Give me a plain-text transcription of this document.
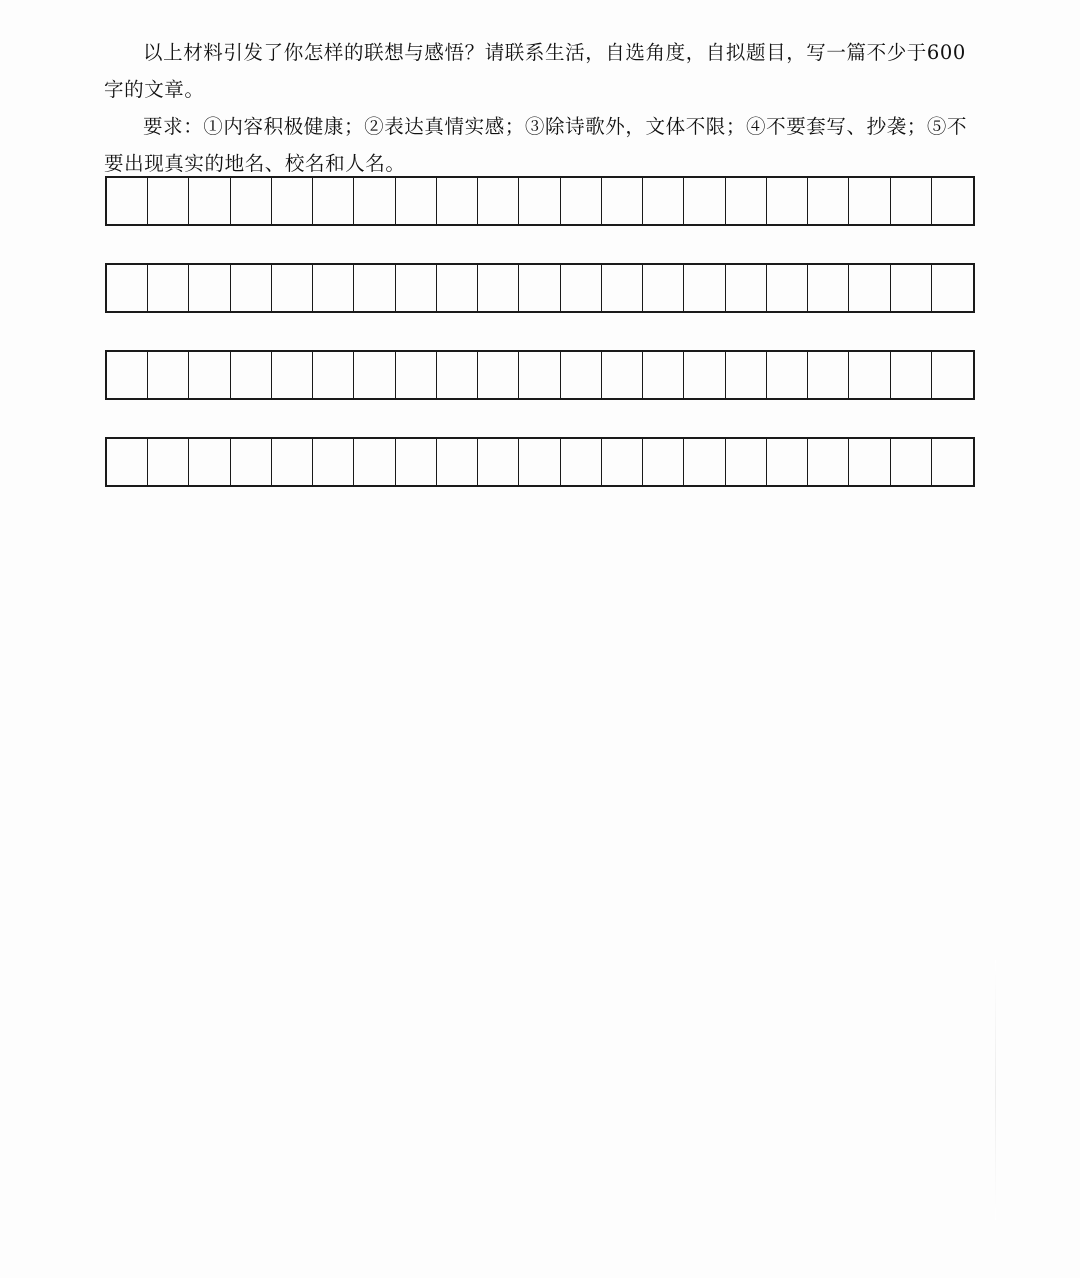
以上材料引发了你怎样的联想与感悟？请联系生活，自选角度，自拟题目，写一篇不少于600字的文章。

要求：①内容积极健康；②表达真情实感；③除诗歌外，文体不限；④不要套写、抄袭；⑤不要出现真实的地名、校名和人名。
